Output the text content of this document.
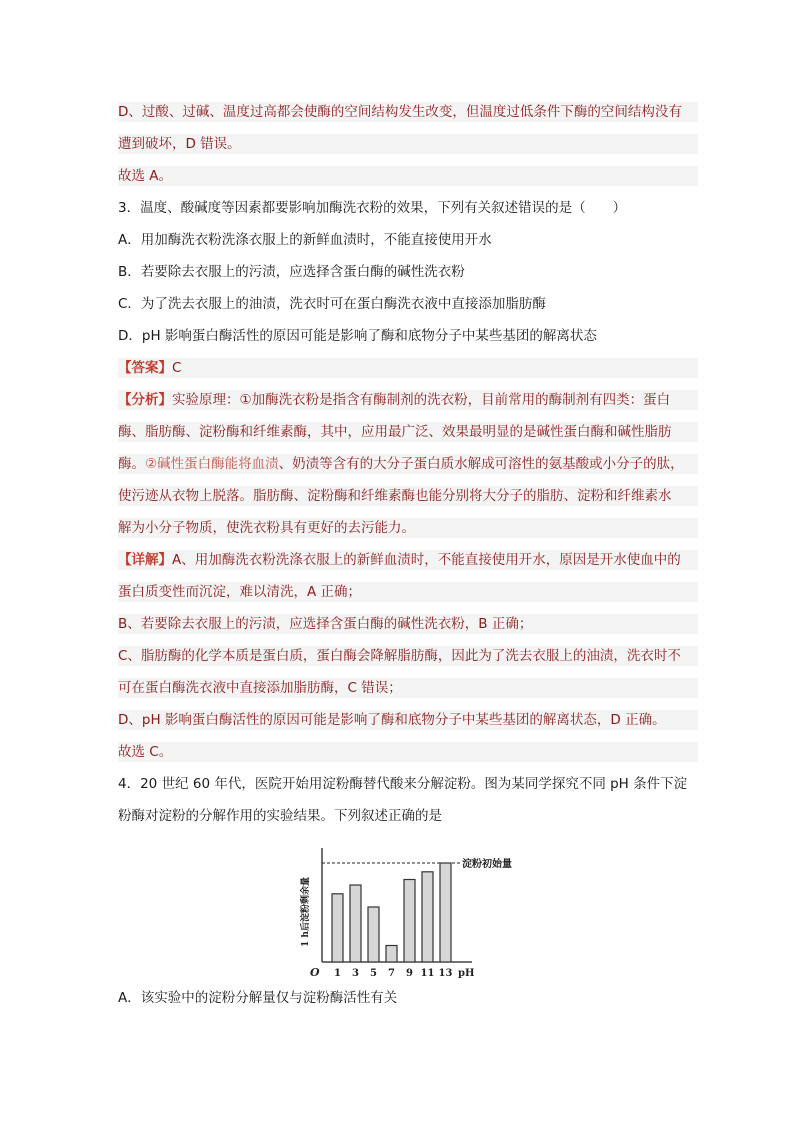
D、过酸、过碱、温度过高都会使酶的空间结构发生改变，但温度过低条件下酶的空间结构没有
遭到破坏，D 错误。
故选 A。
3．温度、酸碱度等因素都要影响加酶洗衣粉的效果，下列有关叙述错误的是（　　）
A．用加酶洗衣粉洗涤衣服上的新鲜血渍时，不能直接使用开水
B．若要除去衣服上的污渍，应选择含蛋白酶的碱性洗衣粉
C．为了洗去衣服上的油渍，洗衣时可在蛋白酶洗衣液中直接添加脂肪酶
D．pH 影响蛋白酶活性的原因可能是影响了酶和底物分子中某些基团的解离状态
【答案】C
【分析】实验原理：①加酶洗衣粉是指含有酶制剂的洗衣粉，目前常用的酶制剂有四类：蛋白
酶、脂肪酶、淀粉酶和纤维素酶，其中，应用最广泛、效果最明显的是碱性蛋白酶和碱性脂肪
酶。②碱性蛋白酶能将血渍、奶渍等含有的大分子蛋白质水解成可溶性的氨基酸或小分子的肽，
使污迹从衣物上脱落。脂肪酶、淀粉酶和纤维素酶也能分别将大分子的脂肪、淀粉和纤维素水
解为小分子物质，使洗衣粉具有更好的去污能力。
【详解】A、用加酶洗衣粉洗涤衣服上的新鲜血渍时，不能直接使用开水，原因是开水使血中的
蛋白质变性而沉淀，难以清洗，A 正确；
B、若要除去衣服上的污渍，应选择含蛋白酶的碱性洗衣粉，B 正确；
C、脂肪酶的化学本质是蛋白质，蛋白酶会降解脂肪酶，因此为了洗去衣服上的油渍，洗衣时不
可在蛋白酶洗衣液中直接添加脂肪酶，C 错误；
D、pH 影响蛋白酶活性的原因可能是影响了酶和底物分子中某些基团的解离状态，D 正确。
故选 C。
4．20 世纪 60 年代，医院开始用淀粉酶替代酸来分解淀粉。图为某同学探究不同 pH 条件下淀
粉酶对淀粉的分解作用的实验结果。下列叙述正确的是
淀粉初始量
1 h后淀粉剩余量
pH
O 1 3 5 7 9 11 13
A．该实验中的淀粉分解量仅与淀粉酶活性有关
